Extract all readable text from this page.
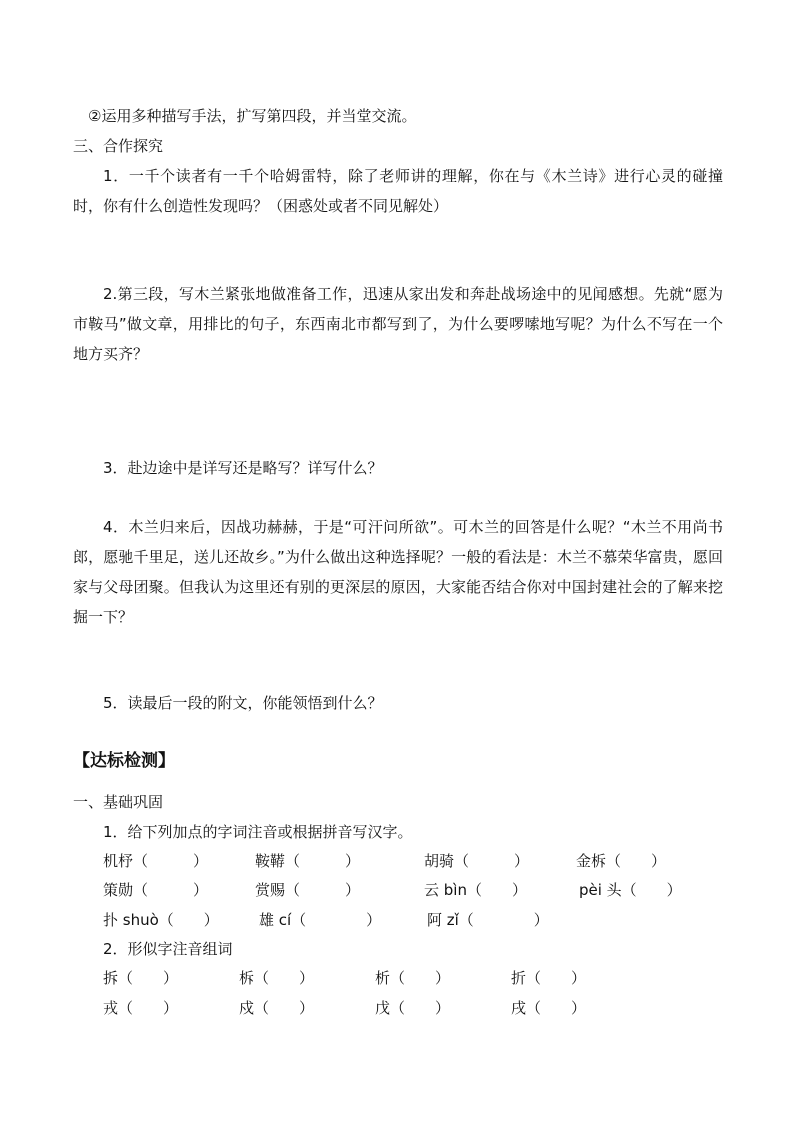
②运用多种描写手法，扩写第四段，并当堂交流。
三、合作探究
1．一千个读者有一千个哈姆雷特，除了老师讲的理解，你在与《木兰诗》进行心灵的碰撞时，你有什么创造性发现吗？（困惑处或者不同见解处）
2.第三段，写木兰紧张地做准备工作，迅速从家出发和奔赴战场途中的见闻感想。先就“愿为市鞍马”做文章，用排比的句子，东西南北市都写到了，为什么要啰嗦地写呢？为什么不写在一个地方买齐？
3．赴边途中是详写还是略写？详写什么？
4．木兰归来后，因战功赫赫，于是“可汗问所欲”。可木兰的回答是什么呢？“木兰不用尚书郎，愿驰千里足，送儿还故乡。”为什么做出这种选择呢？一般的看法是：木兰不慕荣华富贵，愿回家与父母团聚。但我认为这里还有别的更深层的原因，大家能否结合你对中国封建社会的了解来挖掘一下？
5．读最后一段的附文，你能领悟到什么？
【达标检测】
一、基础巩固
1．给下列加点的字词注音或根据拼音写汉字。
机杼（　　　）	鞍鞯（　　　）	胡骑（　　　）	金柝（　　）
策勋（　　　）	赏赐（　　　）	云 bìn（　　）	pèi 头（　　）
扑 shuò（　　）	雄 cí（　　　　）	阿 zǐ（　　　　）
2．形似字注音组词
拆（　　）	柝（　　）	析（　　）	折（　　）
戎（　　）	戍（　　）	戊（　　）	戌（　　）
